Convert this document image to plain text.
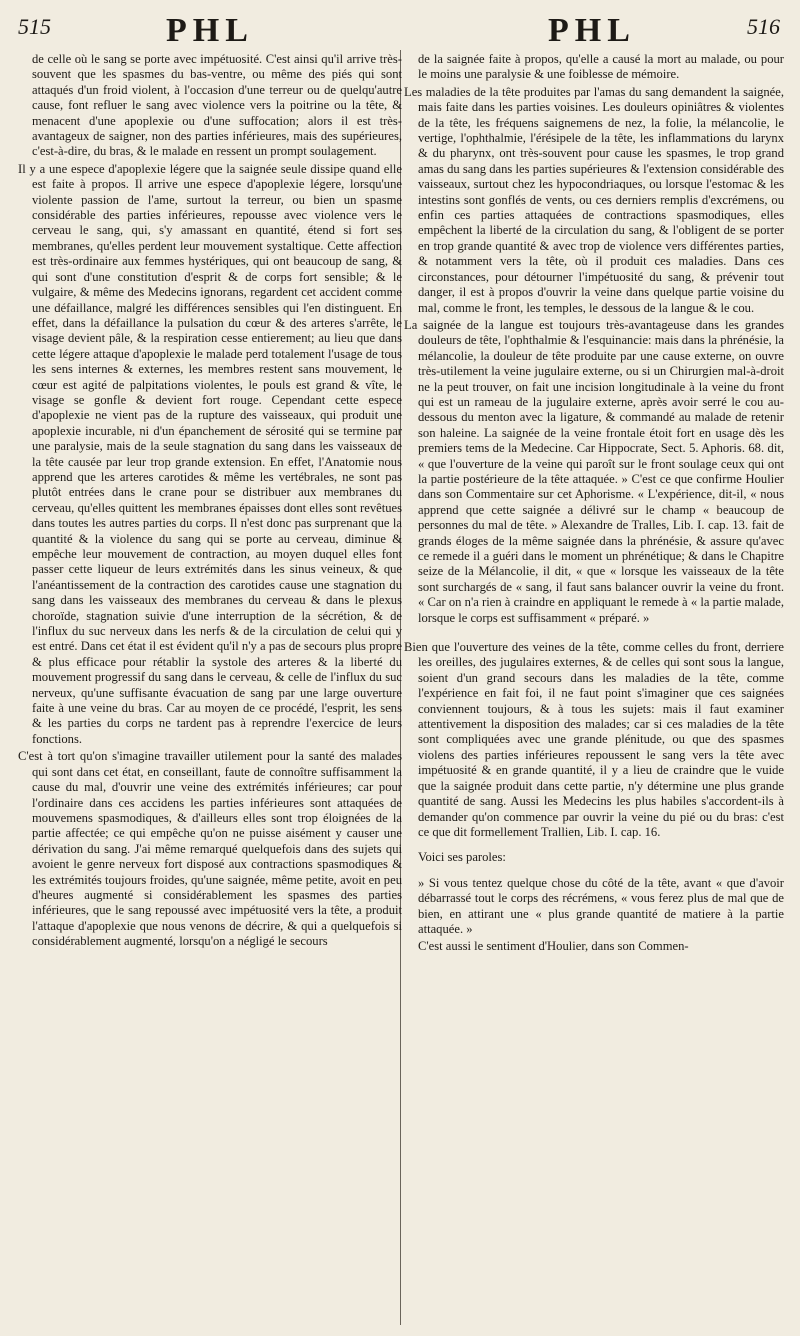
515	PHL	PHL	516

de celle où le sang se porte avec impétuosité. C'est ainsi qu'il arrive très-souvent que les spasmes du bas-ventre, ou même des piés qui sont attaqués d'un froid violent, à l'occasion d'une terreur ou de quelqu'autre cause, font refluer le sang avec violence vers la poitrine ou la tête, & menacent d'une apoplexie ou d'une suffocation; alors il est très-avantageux de saigner, non des parties inférieures, mais des supérieures, c'est-à-dire, du bras, & le malade en ressent un prompt soulagement.

Il y a une espece d'apoplexie légere que la saignée seule dissipe quand elle est faite à propos. Il arrive une espece d'apoplexie légere, lorsqu'une violente passion de l'ame, surtout la terreur, ou bien un spasme considérable des parties inférieures, repousse avec violence vers le cerveau le sang, qui, s'y amassant en quantité, étend si fort ses membranes, qu'elles perdent leur mouvement systaltique. Cette affection est très-ordinaire aux femmes hystériques, qui ont beaucoup de sang, & qui sont d'une constitution d'esprit & de corps fort sensible; & le vulgaire, & même des Medecins ignorans, regardent cet accident comme une défaillance, malgré les différences sensibles qui l'en distinguent. En effet, dans la défaillance la pulsation du cœur & des arteres s'arrête, le visage devient pâle, & la respiration cesse entierement; au lieu que dans cette légere attaque d'apoplexie le malade perd totalement l'usage de tous les sens internes & externes, les membres restent sans mouvement, le cœur est agité de palpitations violentes, le pouls est grand & vîte, le visage se gonfle & devient fort rouge. Cependant cette espece d'apoplexie ne vient pas de la rupture des vaisseaux, qui produit une apoplexie incurable, ni d'un épanchement de sérosité qui se termine par une paralysie, mais de la seule stagnation du sang dans les vaisseaux de la tête causée par leur trop grande extension. En effet, l'Anatomie nous apprend que les arteres carotides & même les vertébrales, ne sont pas plutôt entrées dans le crane pour se distribuer aux membranes du cerveau, qu'elles quittent les membranes épaisses dont elles sont revêtues dans toutes les autres parties du corps. Il n'est donc pas surprenant que la quantité & la violence du sang qui se porte au cerveau, diminue & empêche leur mouvement de contraction, au moyen duquel elles font passer cette liqueur de leurs extrémités dans les sinus veineux, & que l'anéantissement de la contraction des carotides cause une stagnation du sang dans les vaisseaux des membranes du cerveau & dans le plexus choroïde, stagnation suivie d'une interruption de la sécrétion, & de l'influx du suc nerveux dans les nerfs & de la circulation de celui qui y est entré. Dans cet état il est évident qu'il n'y a pas de secours plus propre & plus efficace pour rétablir la systole des arteres & la liberté du mouvement progressif du sang dans le cerveau, & celle de l'influx du suc nerveux, qu'une suffisante évacuation de sang par une large ouverture faite à une veine du bras. Car au moyen de ce procédé, l'esprit, les sens & les parties du corps ne tardent pas à reprendre l'exercice de leurs fonctions.

C'est à tort qu'on s'imagine travailler utilement pour la santé des malades qui sont dans cet état, en conseillant, faute de connoître suffisamment la cause du mal, d'ouvrir une veine des extrémités inférieures; car pour l'ordinaire dans ces accidens les parties inférieures sont attaquées de mouvemens spasmodiques, & d'ailleurs elles sont trop éloignées de la partie affectée; ce qui empêche qu'on ne puisse aisément y causer une dérivation du sang. J'ai même remarqué quelquefois dans des sujets qui avoient le genre nerveux fort disposé aux contractions spasmodiques & les extrémités toujours froides, qu'une saignée, même petite, avoit en peu d'heures augmenté si considérablement les spasmes des parties inférieures, que le sang repoussé avec impétuosité vers la tête, a produit l'attaque d'apoplexie que nous venons de décrire, & qui a quelquefois si considérablement augmenté, lorsqu'on a négligé le secours

de la saignée faite à propos, qu'elle a causé la mort au malade, ou pour le moins une paralysie & une foiblesse de mémoire.

Les maladies de la tête produites par l'amas du sang demandent la saignée, mais faite dans les parties voisines. Les douleurs opiniâtres & violentes de la tête, les fréquens saignemens de nez, la folie, la mélancolie, le vertige, l'ophthalmie, l'érésipele de la tête, les inflammations du larynx & du pharynx, ont très-souvent pour cause les spasmes, le trop grand amas du sang dans les parties supérieures & l'extension considérable des vaisseaux, surtout chez les hypocondriaques, ou lorsque l'estomac & les intestins sont gonflés de vents, ou ces derniers remplis d'excrémens, ou enfin ces parties attaquées de contractions spasmodiques, elles empêchent la liberté de la circulation du sang, & l'obligent de se porter en trop grande quantité & avec trop de violence vers différentes parties, & notamment vers la tête, où il produit ces maladies. Dans ces circonstances, pour détourner l'impétuosité du sang, & prévenir tout danger, il est à propos d'ouvrir la veine dans quelque partie voisine du mal, comme le front, les temples, le dessous de la langue & le cou.

La saignée de la langue est toujours très-avantageuse dans les grandes douleurs de tête, l'ophthalmie & l'esquinancie: mais dans la phrénésie, la mélancolie, la douleur de tête produite par une cause externe, on ouvre très-utilement la veine jugulaire externe, ou si un Chirurgien mal-à-droit ne la peut trouver, on fait une incision longitudinale à la veine du front qui est un rameau de la jugulaire externe, après avoir serré le cou au-dessous du menton avec la ligature, & commandé au malade de retenir son haleine. La saignée de la veine frontale étoit fort en usage dès les premiers tems de la Medecine. Car Hippocrate, Sect. 5. Aphoris. 68. dit, « que l'ouverture de la veine qui paroît sur le front soulage ceux qui ont la partie postérieure de la tête attaquée. » C'est ce que confirme Houlier dans son Commentaire sur cet Aphorisme. « L'expérience, dit-il, « nous apprend que cette saignée a délivré sur le champ « beaucoup de personnes du mal de tête. » Alexandre de Tralles, Lib. I. cap. 13. fait de grands éloges de la même saignée dans la phrénésie, & assure qu'avec ce remede il a guéri dans le moment un phrénétique; & dans le Chapitre seize de la Mélancolie, il dit, « que « lorsque les vaisseaux de la tête sont surchargés de « sang, il faut sans balancer ouvrir la veine du front. « Car on n'a rien à craindre en appliquant le remede à « la partie malade, lorsque le corps est suffisamment « préparé. »

Bien que l'ouverture des veines de la tête, comme celles du front, derriere les oreilles, des jugulaires externes, & de celles qui sont sous la langue, soient d'un grand secours dans les maladies de la tête, comme l'expérience en fait foi, il ne faut point s'imaginer que ces saignées conviennent toujours, & à tous les sujets: mais il faut examiner attentivement la disposition des malades; car si ces maladies de la tête sont compliquées avec une grande plénitude, ou que des spasmes violens des parties inférieures repoussent le sang vers la tête avec impétuosité & en grande quantité, il y a lieu de craindre que le vuide que la saignée produit dans cette partie, n'y détermine une plus grande quantité de sang. Aussi les Medecins les plus habiles s'accordent-ils à demander qu'on commence par ouvrir la veine du pié ou du bras: c'est ce que dit formellement Trallien, Lib. I. cap. 16.

Voici ses paroles:

» Si vous tentez quelque chose du côté de la tête, avant « que d'avoir débarrassé tout le corps des récrémens, « vous ferez plus de mal que de bien, en attirant une « plus grande quantité de matiere à la partie attaquée. »

C'est aussi le sentiment d'Houlier, dans son Commen-
